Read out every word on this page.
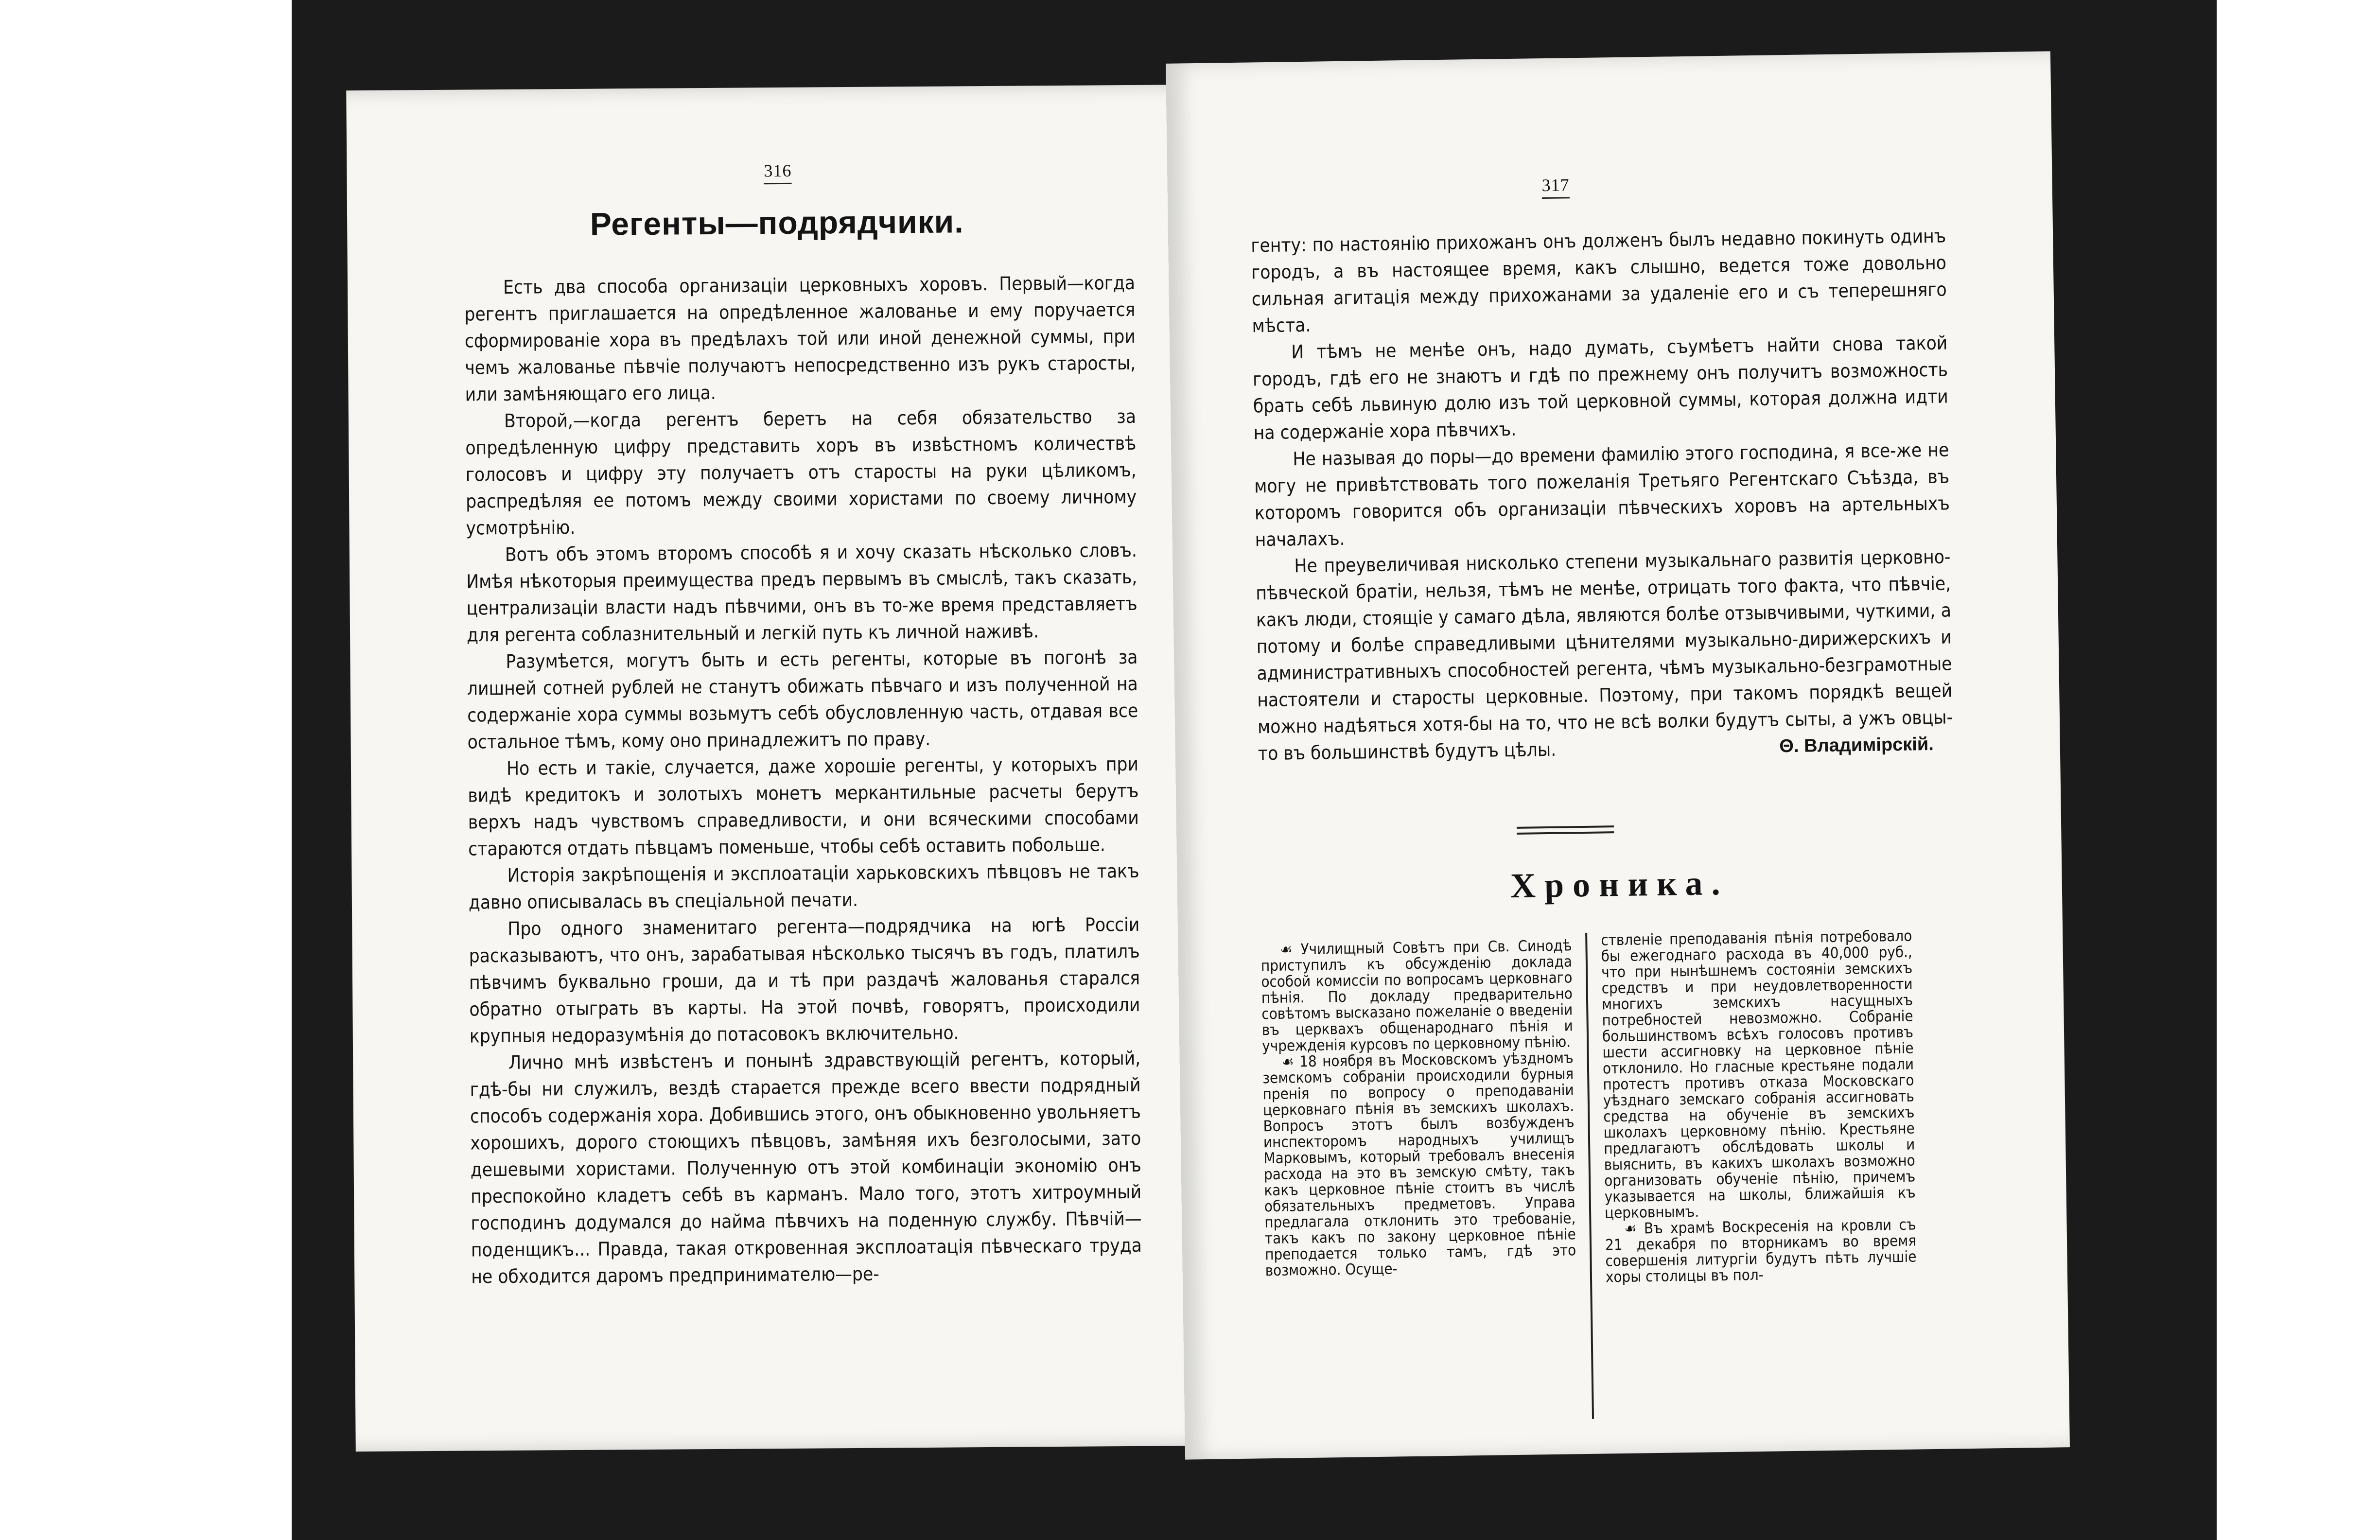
316
Регенты—подрядчики.

Есть два способа организаціи церковныхъ хоровъ. Первый—когда регентъ приглашается на опредѣленное жалованье и ему поручается сформированіе хора въ предѣлахъ той или иной денежной суммы, при чемъ жалованье пѣвчіе получаютъ непосредственно изъ рукъ старосты, или замѣняющаго его лица.

Второй,—когда регентъ беретъ на себя обязательство за опредѣленную цифру представить хоръ въ извѣстномъ количествѣ голосовъ и цифру эту получаетъ отъ старосты на руки цѣликомъ, распредѣляя ее потомъ между своими хористами по своему личному усмотрѣнію.

Вотъ объ этомъ второмъ способѣ я и хочу сказать нѣсколько словъ. Имѣя нѣкоторыя преимущества предъ первымъ въ смыслѣ, такъ сказать, централизаціи власти надъ пѣвчими, онъ въ то-же время представляетъ для регента соблазнительный и легкій путь къ личной наживѣ.

Разумѣется, могутъ быть и есть регенты, которые въ погонѣ за лишней сотней рублей не станутъ обижать пѣвчаго и изъ полученной на содержаніе хора суммы возьмутъ себѣ обусловленную часть, отдавая все остальное тѣмъ, кому оно принадлежитъ по праву.

Но есть и такіе, случается, даже хорошіе регенты, у которыхъ при видѣ кредитокъ и золотыхъ монетъ меркантильные расчеты берутъ верхъ надъ чувствомъ справедливости, и они всяческими способами стараются отдать пѣвцамъ поменьше, чтобы себѣ оставить побольше.

Исторія закрѣпощенія и эксплоатаціи харьковскихъ пѣвцовъ не такъ давно описывалась въ спеціальной печати.

Про одного знаменитаго регента—подрядчика на югѣ Россіи расказываютъ, что онъ, зарабатывая нѣсколько тысячъ въ годъ, платилъ пѣвчимъ буквально гроши, да и тѣ при раздачѣ жалованья старался обратно отыграть въ карты. На этой почвѣ, говорятъ, происходили крупныя недоразумѣнія до потасовокъ включительно.

Лично мнѣ извѣстенъ и понынѣ здравствующій регентъ, который, гдѣ-бы ни служилъ, вездѣ старается прежде всего ввести подрядный способъ содержанія хора. Добившись этого, онъ обыкновенно увольняетъ хорошихъ, дорого стоющихъ пѣвцовъ, замѣняя ихъ безголосыми, зато дешевыми хористами. Полученную отъ этой комбинаціи экономію онъ преспокойно кладетъ себѣ въ карманъ. Мало того, этотъ хитроумный господинъ додумался до найма пѣвчихъ на поденную службу. Пѣвчій—поденщикъ... Правда, такая откровенная эксплоатація пѣвческаго труда не обходится даромъ предпринимателю—ре-

317

генту: по настоянію прихожанъ онъ долженъ былъ недавно покинуть одинъ городъ, а въ настоящее время, какъ слышно, ведется тоже довольно сильная агитація между прихожанами за удаленіе его и съ теперешняго мѣста.

И тѣмъ не менѣе онъ, надо думать, съумѣетъ найти снова такой городъ, гдѣ его не знаютъ и гдѣ по прежнему онъ получитъ возможность брать себѣ львиную долю изъ той церковной суммы, которая должна идти на содержаніе хора пѣвчихъ.

Не называя до поры—до времени фамилію этого господина, я все-же не могу не привѣтствовать того пожеланія Третьяго Регентскаго Съѣзда, въ которомъ говорится объ организаціи пѣвческихъ хоровъ на артельныхъ началахъ.

Не преувеличивая нисколько степени музыкальнаго развитія церковно-пѣвческой братіи, нельзя, тѣмъ не менѣе, отрицать того факта, что пѣвчіе, какъ люди, стоящіе у самаго дѣла, являются болѣе отзывчивыми, чуткими, а потому и болѣе справедливыми цѣнителями музыкально-дирижерскихъ и административныхъ способностей регента, чѣмъ музыкально-безграмотные настоятели и старосты церковные. Поэтому, при такомъ порядкѣ вещей можно надѣяться хотя-бы на то, что не всѣ волки будутъ сыты, а ужъ овцы-то въ большинствѣ будутъ цѣлы.	Θ. Владимірскій.
Хроника.

☙ Училищный Совѣтъ при Св. Синодѣ приступилъ къ обсужденію доклада особой комиссіи по вопросамъ церковнаго пѣнія. По докладу предварительно совѣтомъ высказано пожеланіе о введеніи въ церквахъ общенароднаго пѣнія и учрежденія курсовъ по церковному пѣнію.

☙ 18 ноября въ Московскомъ уѣздномъ земскомъ собраніи происходили бурныя пренія по вопросу о преподаваніи церковнаго пѣнія въ земскихъ школахъ. Вопросъ этотъ былъ возбужденъ инспекторомъ народныхъ училищъ Марковымъ, который требовалъ внесенія расхода на это въ земскую смѣту, такъ какъ церковное пѣніе стоитъ въ числѣ обязательныхъ предметовъ. Управа предлагала отклонить это требованіе, такъ какъ по закону церковное пѣніе преподается только тамъ, гдѣ это возможно. Осуще-

ствленіе преподаванія пѣнія потребовало бы ежегоднаго расхода въ 40,000 руб., что при нынѣшнемъ состояніи земскихъ средствъ и при неудовлетворенности многихъ земскихъ насущныхъ потребностей невозможно. Собраніе большинствомъ всѣхъ голосовъ противъ шести ассигновку на церковное пѣніе отклонило. Но гласные крестьяне подали протестъ противъ отказа Московскаго уѣзднаго земскаго собранія ассигновать средства на обученіе въ земскихъ школахъ церковному пѣнію. Крестьяне предлагаютъ обслѣдовать школы и выяснить, въ какихъ школахъ возможно организовать обученіе пѣнію, причемъ указывается на школы, ближайшія къ церковнымъ.

☙ Въ храмѣ Воскресенія на кровли съ 21 декабря по вторникамъ во время совершенія литургіи будутъ пѣть лучшіе хоры столицы въ пол-
